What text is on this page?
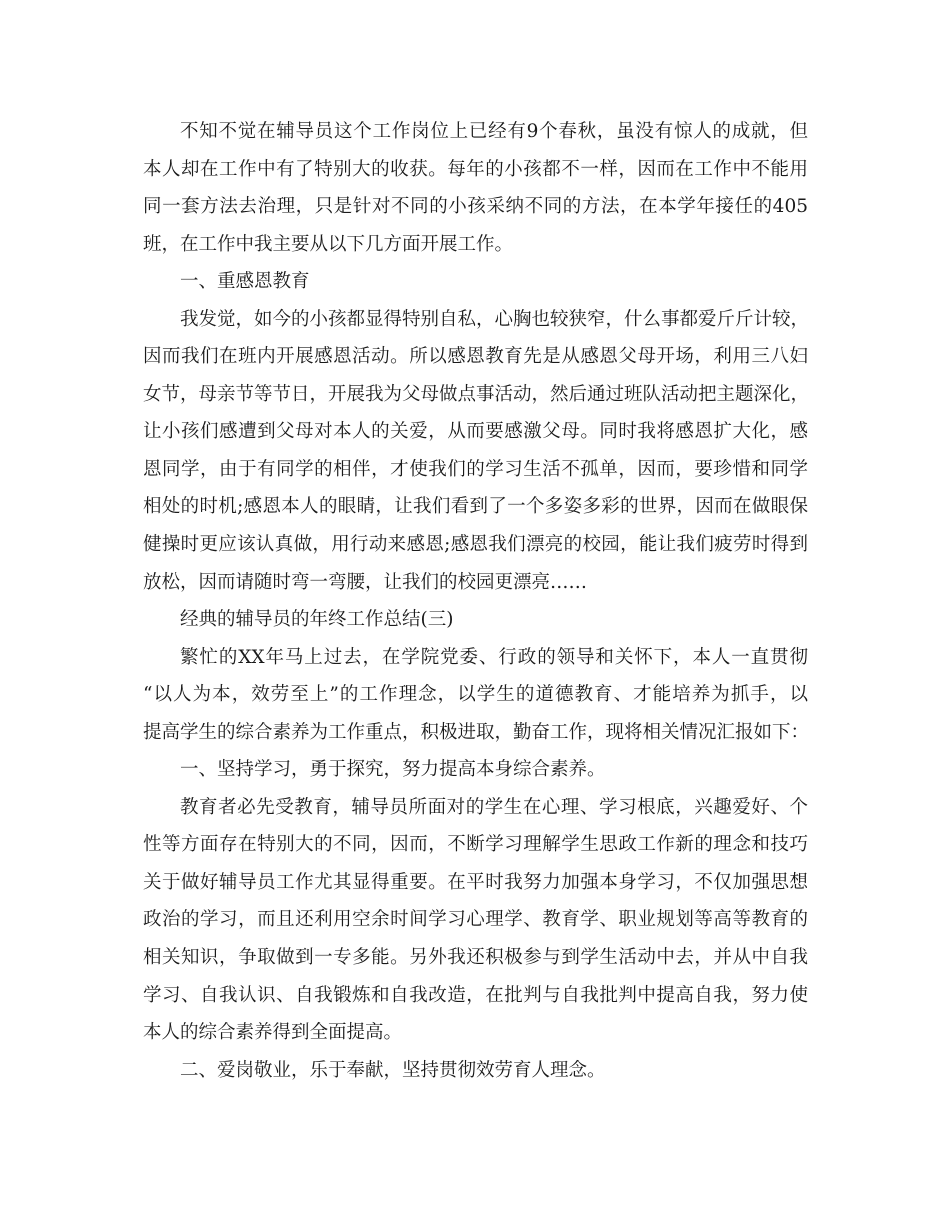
不知不觉在辅导员这个工作岗位上已经有9个春秋，虽没有惊人的成就，但
本人却在工作中有了特别大的收获。每年的小孩都不一样，因而在工作中不能用
同一套方法去治理，只是针对不同的小孩采纳不同的方法，在本学年接任的405
班，在工作中我主要从以下几方面开展工作。
一、重感恩教育
我发觉，如今的小孩都显得特别自私，心胸也较狭窄，什么事都爱斤斤计较，
因而我们在班内开展感恩活动。所以感恩教育先是从感恩父母开场，利用三八妇
女节，母亲节等节日，开展我为父母做点事活动，然后通过班队活动把主题深化，
让小孩们感遭到父母对本人的关爱，从而要感激父母。同时我将感恩扩大化，感
恩同学，由于有同学的相伴，才使我们的学习生活不孤单，因而，要珍惜和同学
相处的时机;感恩本人的眼睛，让我们看到了一个多姿多彩的世界，因而在做眼保
健操时更应该认真做，用行动来感恩;感恩我们漂亮的校园，能让我们疲劳时得到
放松，因而请随时弯一弯腰，让我们的校园更漂亮……
经典的辅导员的年终工作总结(三)
繁忙的XX年马上过去，在学院党委、行政的领导和关怀下，本人一直贯彻
“以人为本，效劳至上”的工作理念，以学生的道德教育、才能培养为抓手，以
提高学生的综合素养为工作重点，积极进取，勤奋工作，现将相关情况汇报如下：
一、坚持学习，勇于探究，努力提高本身综合素养。
教育者必先受教育，辅导员所面对的学生在心理、学习根底，兴趣爱好、个
性等方面存在特别大的不同，因而，不断学习理解学生思政工作新的理念和技巧
关于做好辅导员工作尤其显得重要。在平时我努力加强本身学习，不仅加强思想
政治的学习，而且还利用空余时间学习心理学、教育学、职业规划等高等教育的
相关知识，争取做到一专多能。另外我还积极参与到学生活动中去，并从中自我
学习、自我认识、自我锻炼和自我改造，在批判与自我批判中提高自我，努力使
本人的综合素养得到全面提高。
二、爱岗敬业，乐于奉献，坚持贯彻效劳育人理念。
